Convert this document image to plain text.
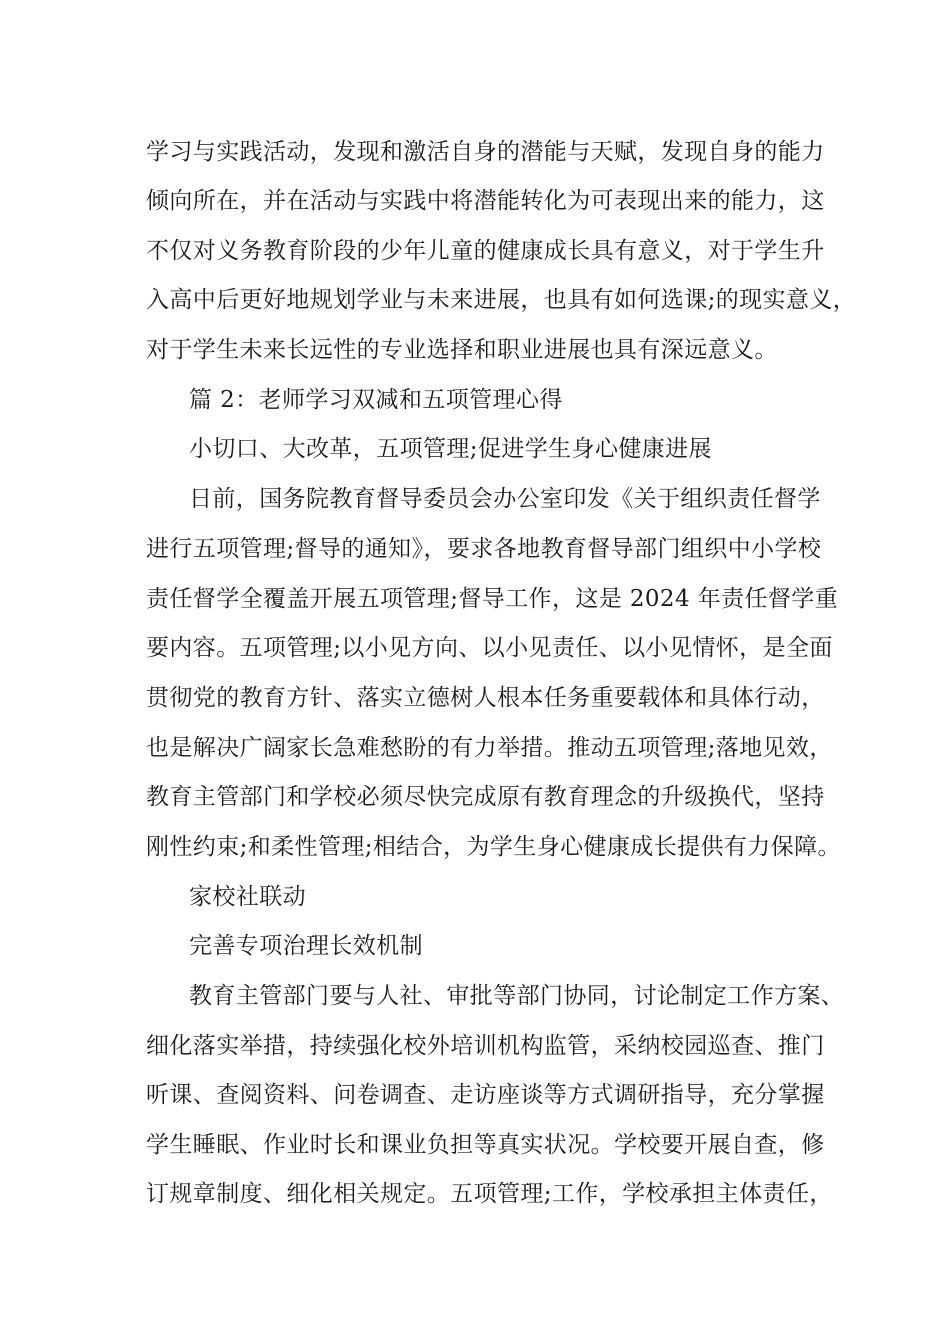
学习与实践活动，发现和激活自身的潜能与天赋，发现自身的能力
倾向所在，并在活动与实践中将潜能转化为可表现出来的能力，这
不仅对义务教育阶段的少年儿童的健康成长具有意义，对于学生升
入高中后更好地规划学业与未来进展，也具有如何选课;的现实意义，
对于学生未来长远性的专业选择和职业进展也具有深远意义。
篇 2：老师学习双减和五项管理心得
小切口、大改革，五项管理;促进学生身心健康进展
日前，国务院教育督导委员会办公室印发《关于组织责任督学
进行五项管理;督导的通知》，要求各地教育督导部门组织中小学校
责任督学全覆盖开展五项管理;督导工作，这是 2024 年责任督学重
要内容。五项管理;以小见方向、以小见责任、以小见情怀，是全面
贯彻党的教育方针、落实立德树人根本任务重要载体和具体行动，
也是解决广阔家长急难愁盼的有力举措。推动五项管理;落地见效，
教育主管部门和学校必须尽快完成原有教育理念的升级换代，坚持
刚性约束;和柔性管理;相结合，为学生身心健康成长提供有力保障。
家校社联动
完善专项治理长效机制
教育主管部门要与人社、审批等部门协同，讨论制定工作方案、
细化落实举措，持续强化校外培训机构监管，采纳校园巡查、推门
听课、查阅资料、问卷调查、走访座谈等方式调研指导，充分掌握
学生睡眠、作业时长和课业负担等真实状况。学校要开展自查，修
订规章制度、细化相关规定。五项管理;工作，学校承担主体责任，
